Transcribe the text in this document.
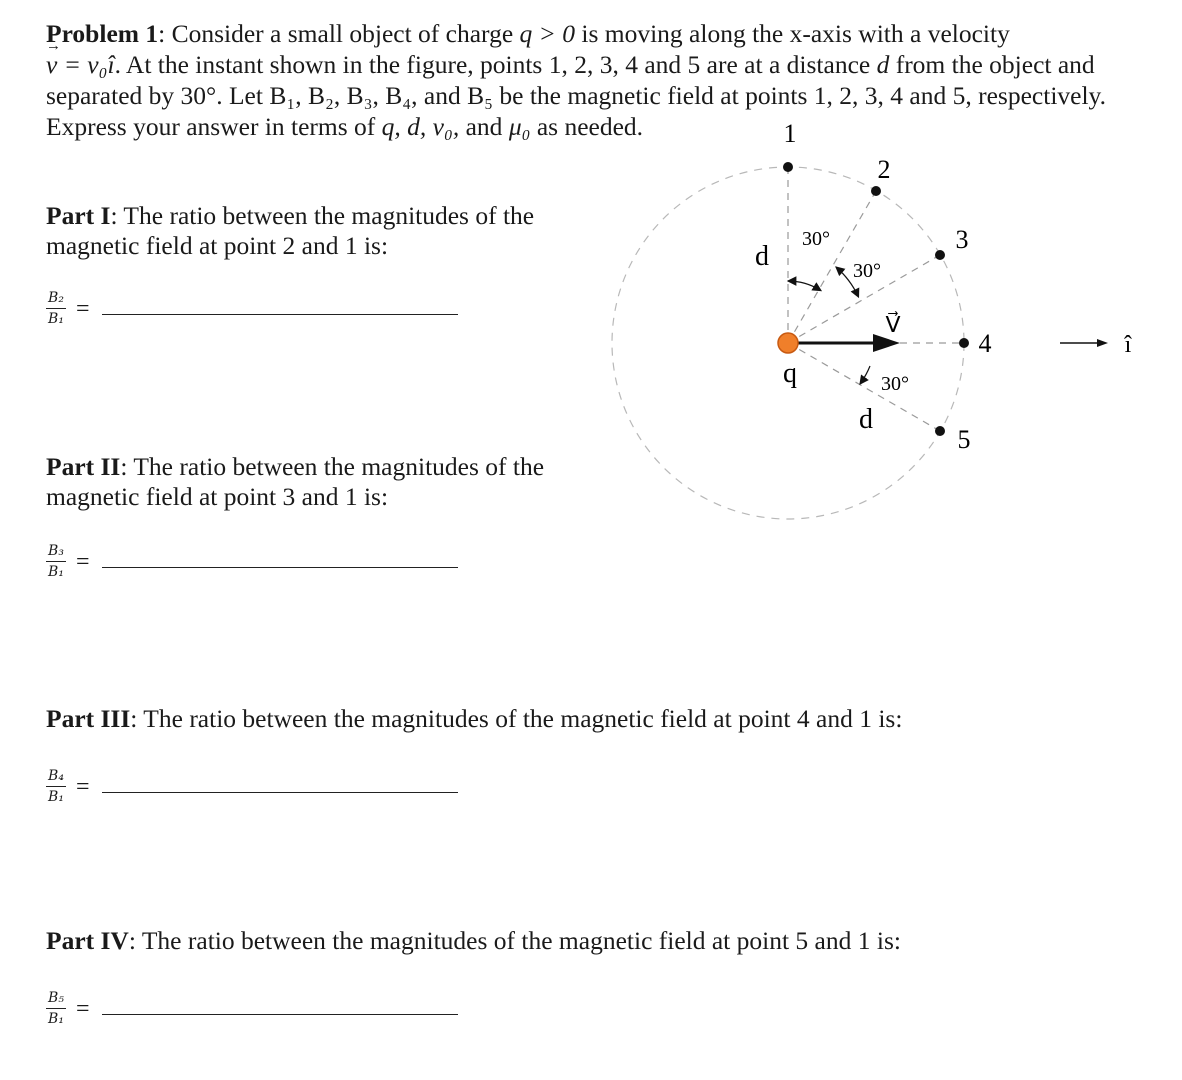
Problem 1: Consider a small object of charge q > 0 is moving along the x-axis with a velocity
→ v = v₀î. At the instant shown in the figure, points 1, 2, 3, 4 and 5 are at a distance d from the object and separated by 30°. Let B₁, B₂, B₃, B₄, and B₅ be the magnetic field at points 1, 2, 3, 4 and 5, respectively. Express your answer in terms of q, d, v₀, and μ₀ as needed.
Part I: The ratio between the magnitudes of the magnetic field at point 2 and 1 is:
$\frac{\text{B₂}}{\text{B₁}}$ =
Part II: The ratio between the magnitudes of the magnetic field at point 3 and 1 is:
$\frac{\text{B₃}}{\text{B₁}}$ =
Part III: The ratio between the magnitudes of the magnetic field at point 4 and 1 is:
$\frac{\text{B₄}}{\text{B₁}}$ =
Part IV: The ratio between the magnitudes of the magnetic field at point 5 and 1 is:
$\frac{\text{B₅}}{\text{B₁}}$ =
1
2
3
4
5
30°
30°
30°
d
d
q
V⃗
î
